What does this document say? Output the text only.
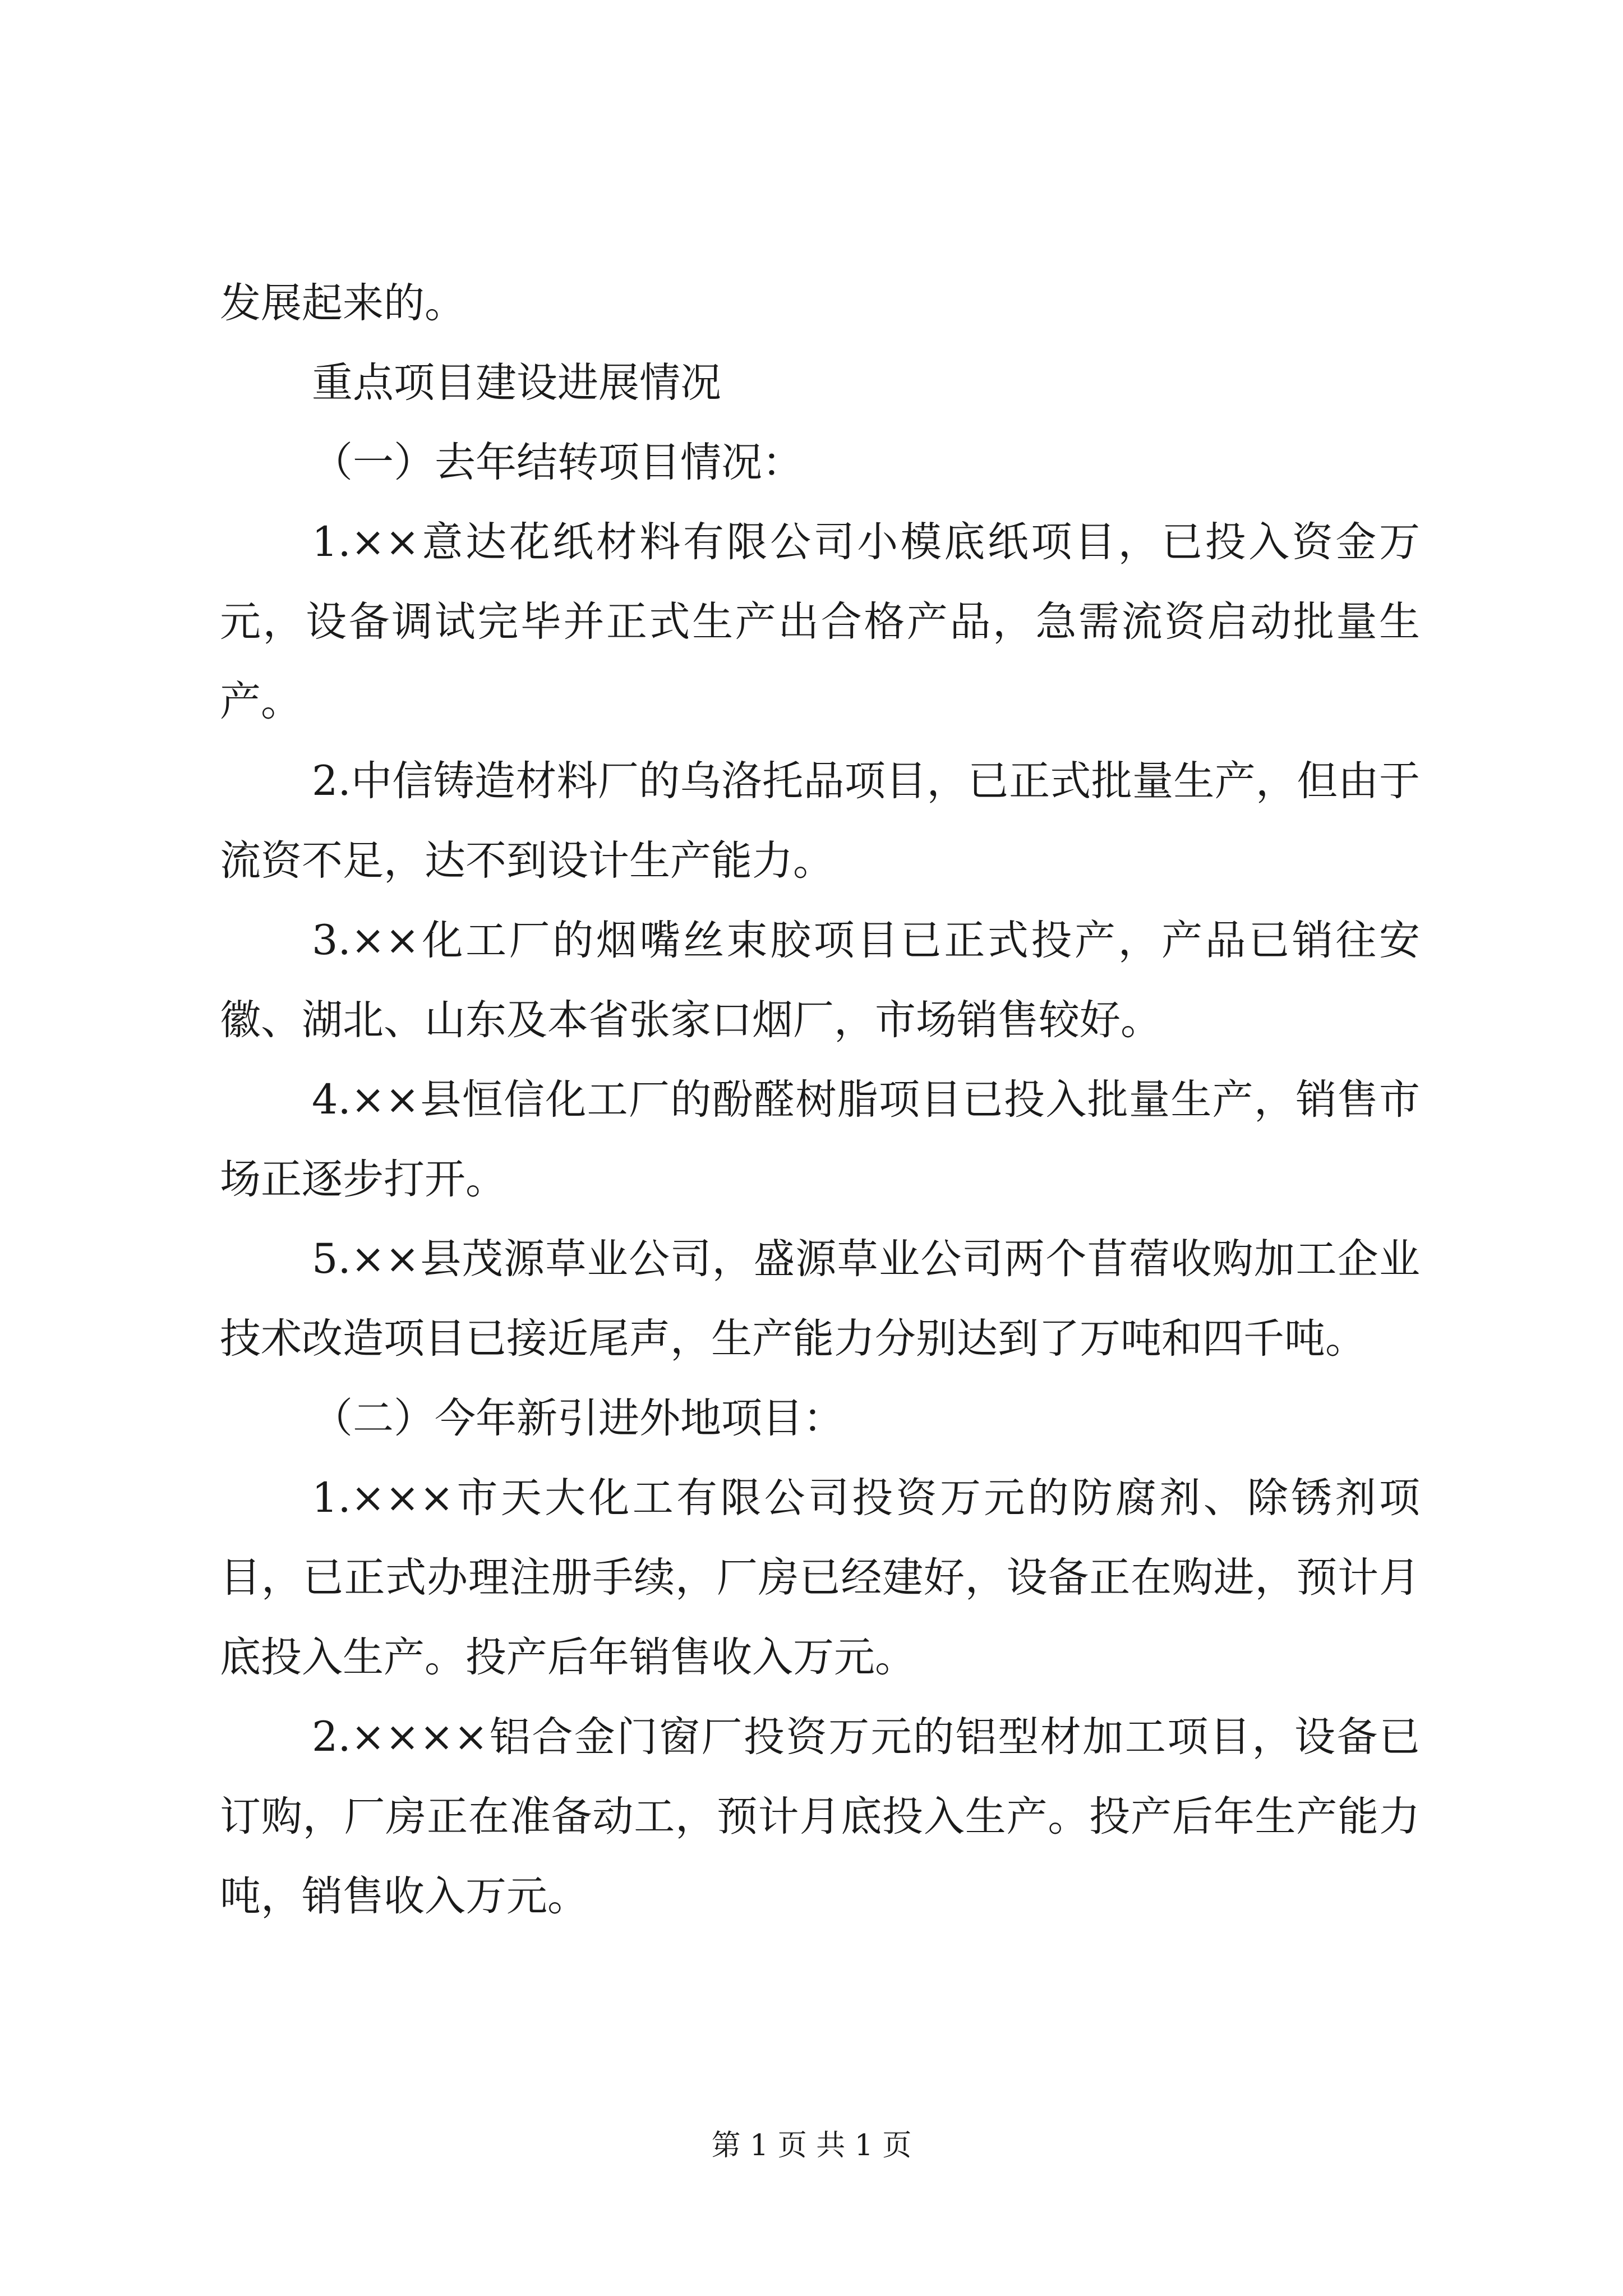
发展起来的。

重点项目建设进展情况

（一）去年结转项目情况：

1.××意达花纸材料有限公司小模底纸项目，已投入资金万元，设备调试完毕并正式生产出合格产品，急需流资启动批量生产。

2.中信铸造材料厂的乌洛托品项目，已正式批量生产，但由于流资不足，达不到设计生产能力。

3.××化工厂的烟嘴丝束胶项目已正式投产，产品已销往安徽、湖北、山东及本省张家口烟厂，市场销售较好。

4.××县恒信化工厂的酚醛树脂项目已投入批量生产，销售市场正逐步打开。

5.××县茂源草业公司，盛源草业公司两个苜蓿收购加工企业技术改造项目已接近尾声，生产能力分别达到了万吨和四千吨。

（二）今年新引进外地项目：

1.×××市天大化工有限公司投资万元的防腐剂、除锈剂项目，已正式办理注册手续，厂房已经建好，设备正在购进，预计月底投入生产。投产后年销售收入万元。

2.××××铝合金门窗厂投资万元的铝型材加工项目，设备已订购，厂房正在准备动工，预计月底投入生产。投产后年生产能力吨，销售收入万元。

第 1 页 共 1 页
